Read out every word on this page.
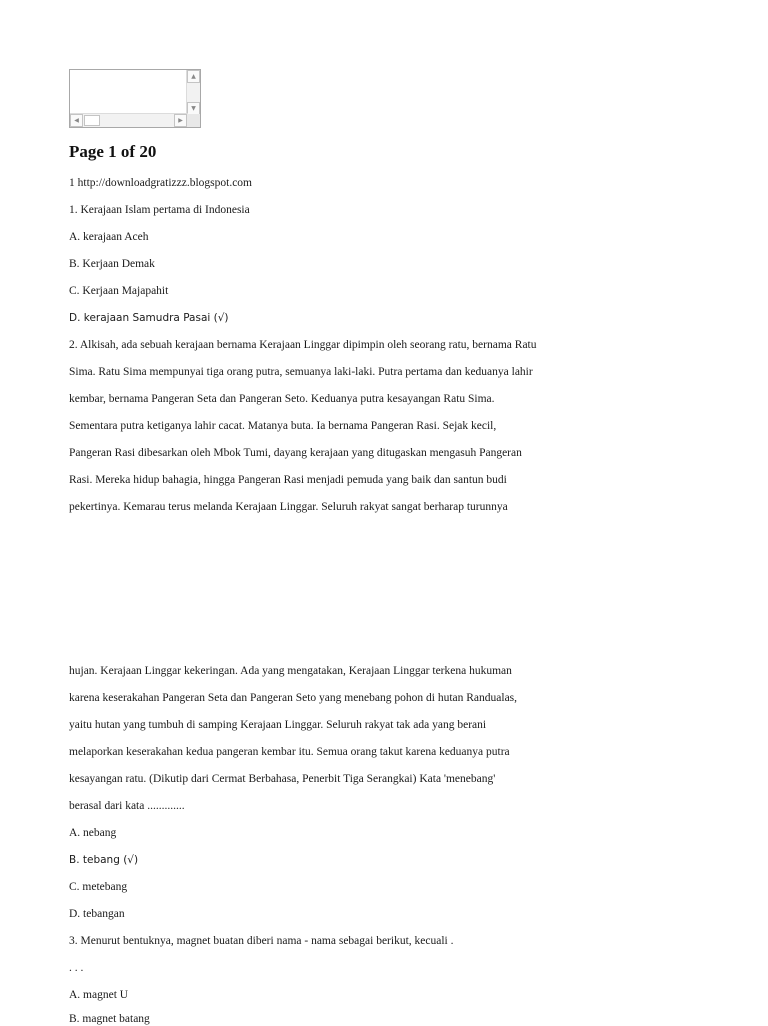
▲
▼
◀	▶
Page 1 of 20
1 http://downloadgratizzz.blogspot.com
1. Kerajaan Islam pertama di Indonesia
A. kerajaan Aceh
B. Kerjaan Demak
C. Kerjaan Majapahit
D. kerajaan Samudra Pasai (√)
2. Alkisah, ada sebuah kerajaan bernama Kerajaan Linggar dipimpin oleh seorang ratu, bernama Ratu
Sima. Ratu Sima mempunyai tiga orang putra, semuanya laki-laki. Putra pertama dan keduanya lahir
kembar, bernama Pangeran Seta dan Pangeran Seto. Keduanya putra kesayangan Ratu Sima.
Sementara putra ketiganya lahir cacat. Matanya buta. Ia bernama Pangeran Rasi. Sejak kecil,
Pangeran Rasi dibesarkan oleh Mbok Tumi, dayang kerajaan yang ditugaskan mengasuh Pangeran
Rasi. Mereka hidup bahagia, hingga Pangeran Rasi menjadi pemuda yang baik dan santun budi
pekertinya. Kemarau terus melanda Kerajaan Linggar. Seluruh rakyat sangat berharap turunnya
hujan. Kerajaan Linggar kekeringan. Ada yang mengatakan, Kerajaan Linggar terkena hukuman
karena keserakahan Pangeran Seta dan Pangeran Seto yang menebang pohon di hutan Randualas,
yaitu hutan yang tumbuh di samping Kerajaan Linggar. Seluruh rakyat tak ada yang berani
melaporkan keserakahan kedua pangeran kembar itu. Semua orang takut karena keduanya putra
kesayangan ratu. (Dikutip dari Cermat Berbahasa, Penerbit Tiga Serangkai) Kata 'menebang'
berasal dari kata .............
A. nebang
B. tebang (√)
C. metebang
D. tebangan
3. Menurut bentuknya, magnet buatan diberi nama - nama sebagai berikut, kecuali .
. . .
A. magnet U
B. magnet batang
